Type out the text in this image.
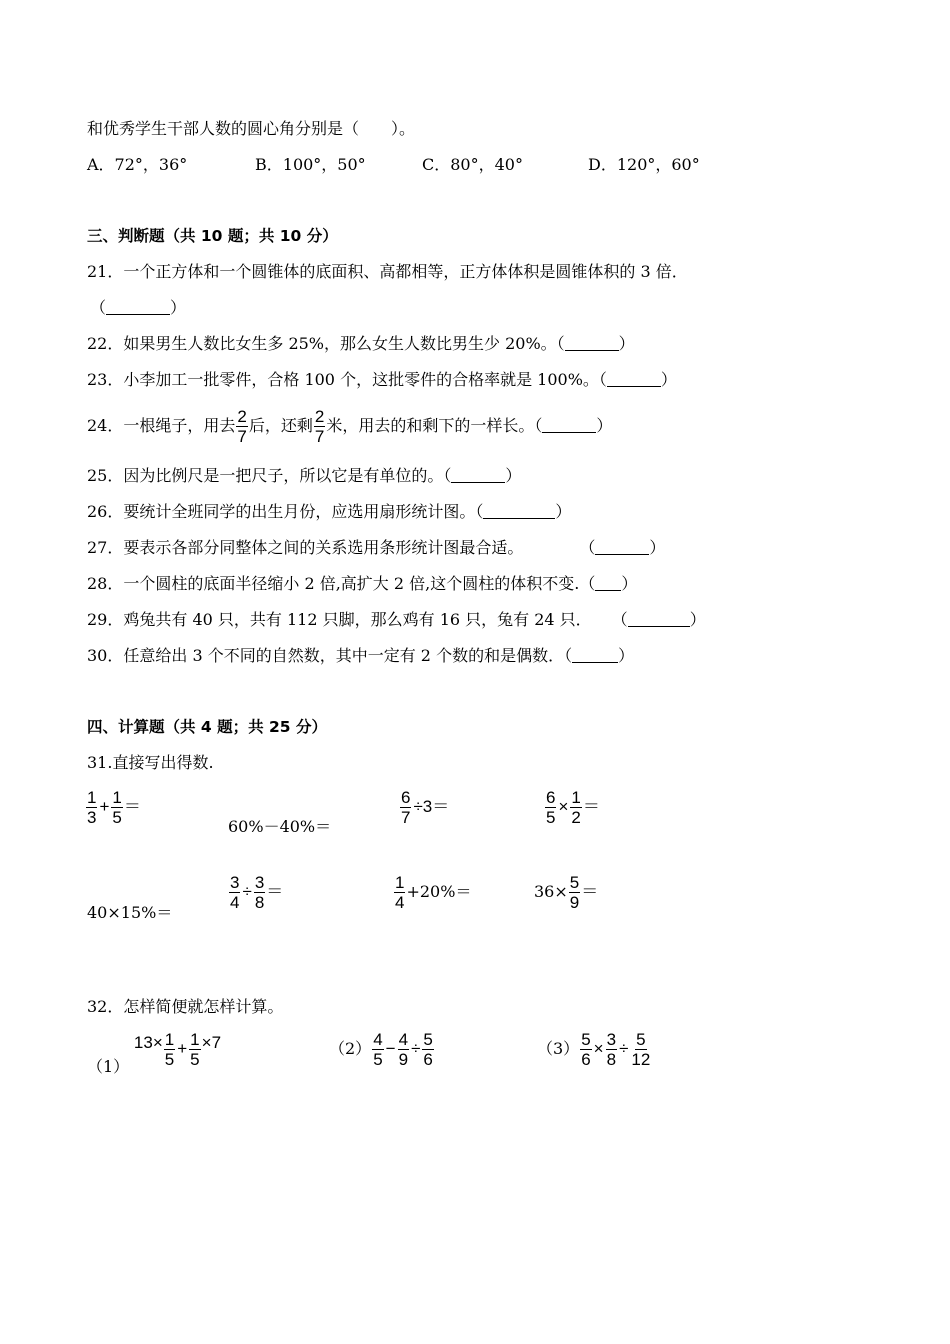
和优秀学生干部人数的圆心角分别是（　　）。
A．72°，36°	B．100°，50°	C．80°，40°	D．120°，60°
三、判断题（共 10 题；共 10 分）
21．一个正方体和一个圆锥体的底面积、高都相等，正方体体积是圆锥体积的 3 倍．
（	）
22．如果男生人数比女生多 25%，那么女生人数比男生少 20%。（	）
23．小李加工一批零件，合格 100 个，这批零件的合格率就是 100%。（	）
24．一根绳子，用去 $\frac{2}{7}$ 后，还剩 $\frac{2}{7}$ 米，用去的和剩下的一样长。（	）
25．因为比例尺是一把尺子，所以它是有单位的。（	）
26．要统计全班同学的出生月份，应选用扇形统计图。（	）
27．要表示各部分同整体之间的关系选用条形统计图最合适。	（	）
28．一个圆柱的底面半径缩小 2 倍,高扩大 2 倍,这个圆柱的体积不变.（ ）
29．鸡兔共有 40 只，共有 112 只脚，那么鸡有 16 只，兔有 24 只． （	）
30．任意给出 3 个不同的自然数，其中一定有 2 个数的和是偶数．（	）
四、计算题（共 4 题；共 25 分）
31.直接写出得数.
$\frac{1}{3} + \frac{1}{5}$ ＝
60%－40%＝	$\frac{6}{7} \div 3=$	$\frac{6}{5} \times \frac{1}{2}$ ＝
40×15%＝
$\frac{3}{4} \div \frac{3}{8}$ ＝	$\frac{1}{4} +20\%=$	$36\times \frac{5}{9}$ ＝
32．怎样简便就怎样计算。
（1） $13\times \frac{1}{5} + \frac{1}{5} \times 7$	$(2) \frac{4}{5} - \frac{4}{9} \div \frac{5}{6}$	$(3) \frac{5}{6} \times \frac{3}{8} \div \frac{5}{12}$
